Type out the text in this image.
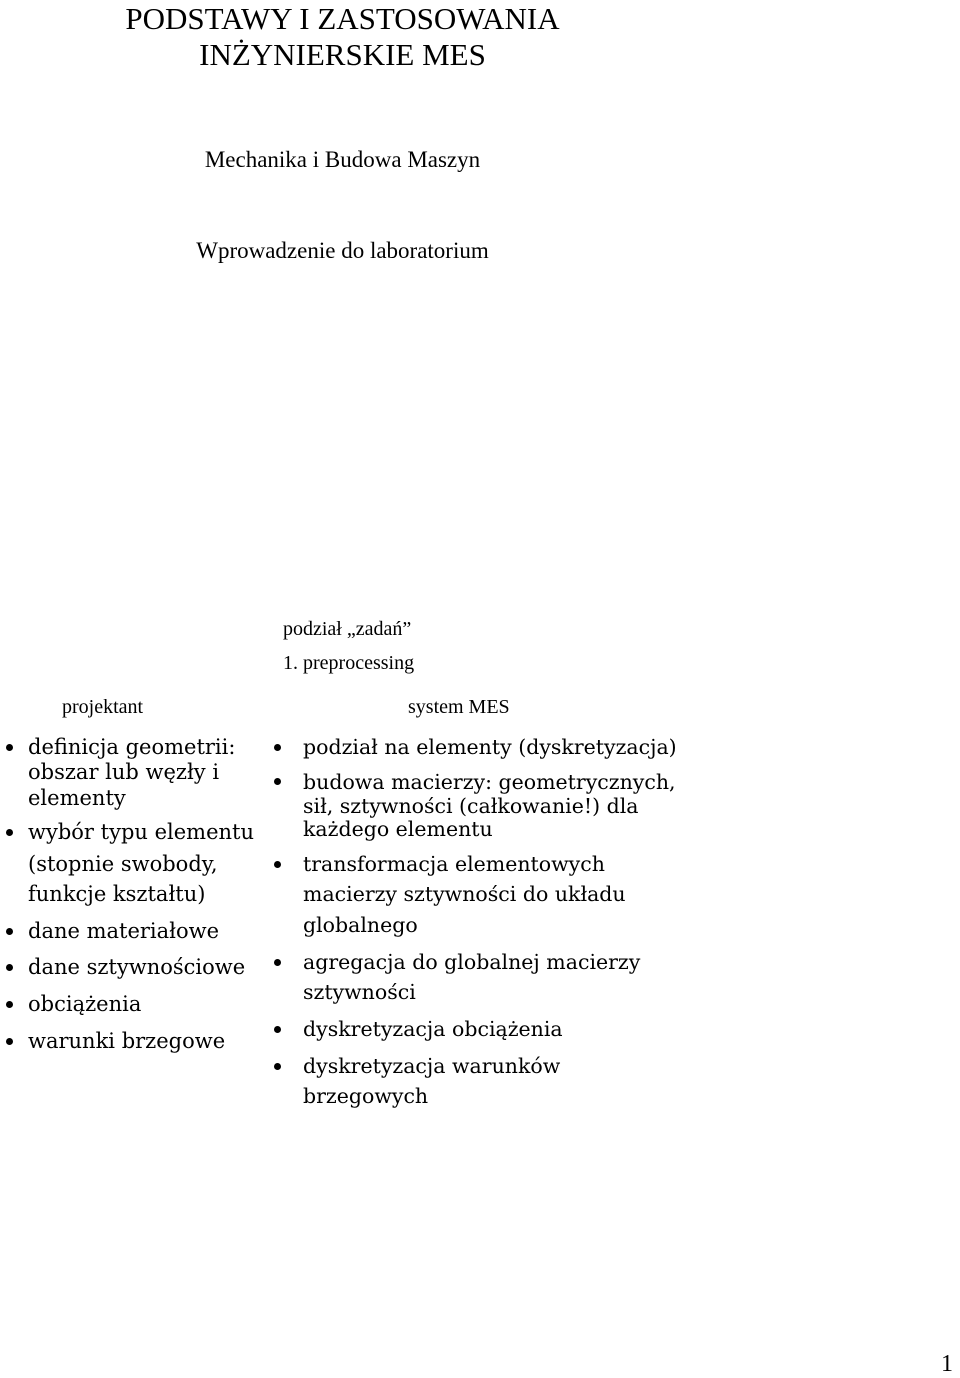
PODSTAWY I ZASTOSOWANIA
INŻYNIERSKIE MES
Mechanika i Budowa Maszyn
Wprowadzenie do laboratorium
podział „zadań”
1. preprocessing
projektant	system MES
definicja geometrii:
obszar lub węzły i
elementy
wybór typu elementu
(stopnie swobody,
funkcje kształtu)
dane materiałowe
dane sztywnościowe
obciążenia
warunki brzegowe
podział na elementy (dyskretyzacja)
budowa macierzy: geometrycznych,
sił, sztywności (całkowanie!) dla
każdego elementu
transformacja elementowych
macierzy sztywności do układu
globalnego
agregacja do globalnej macierzy
sztywności
dyskretyzacja obciążenia
dyskretyzacja warunków
brzegowych
1
